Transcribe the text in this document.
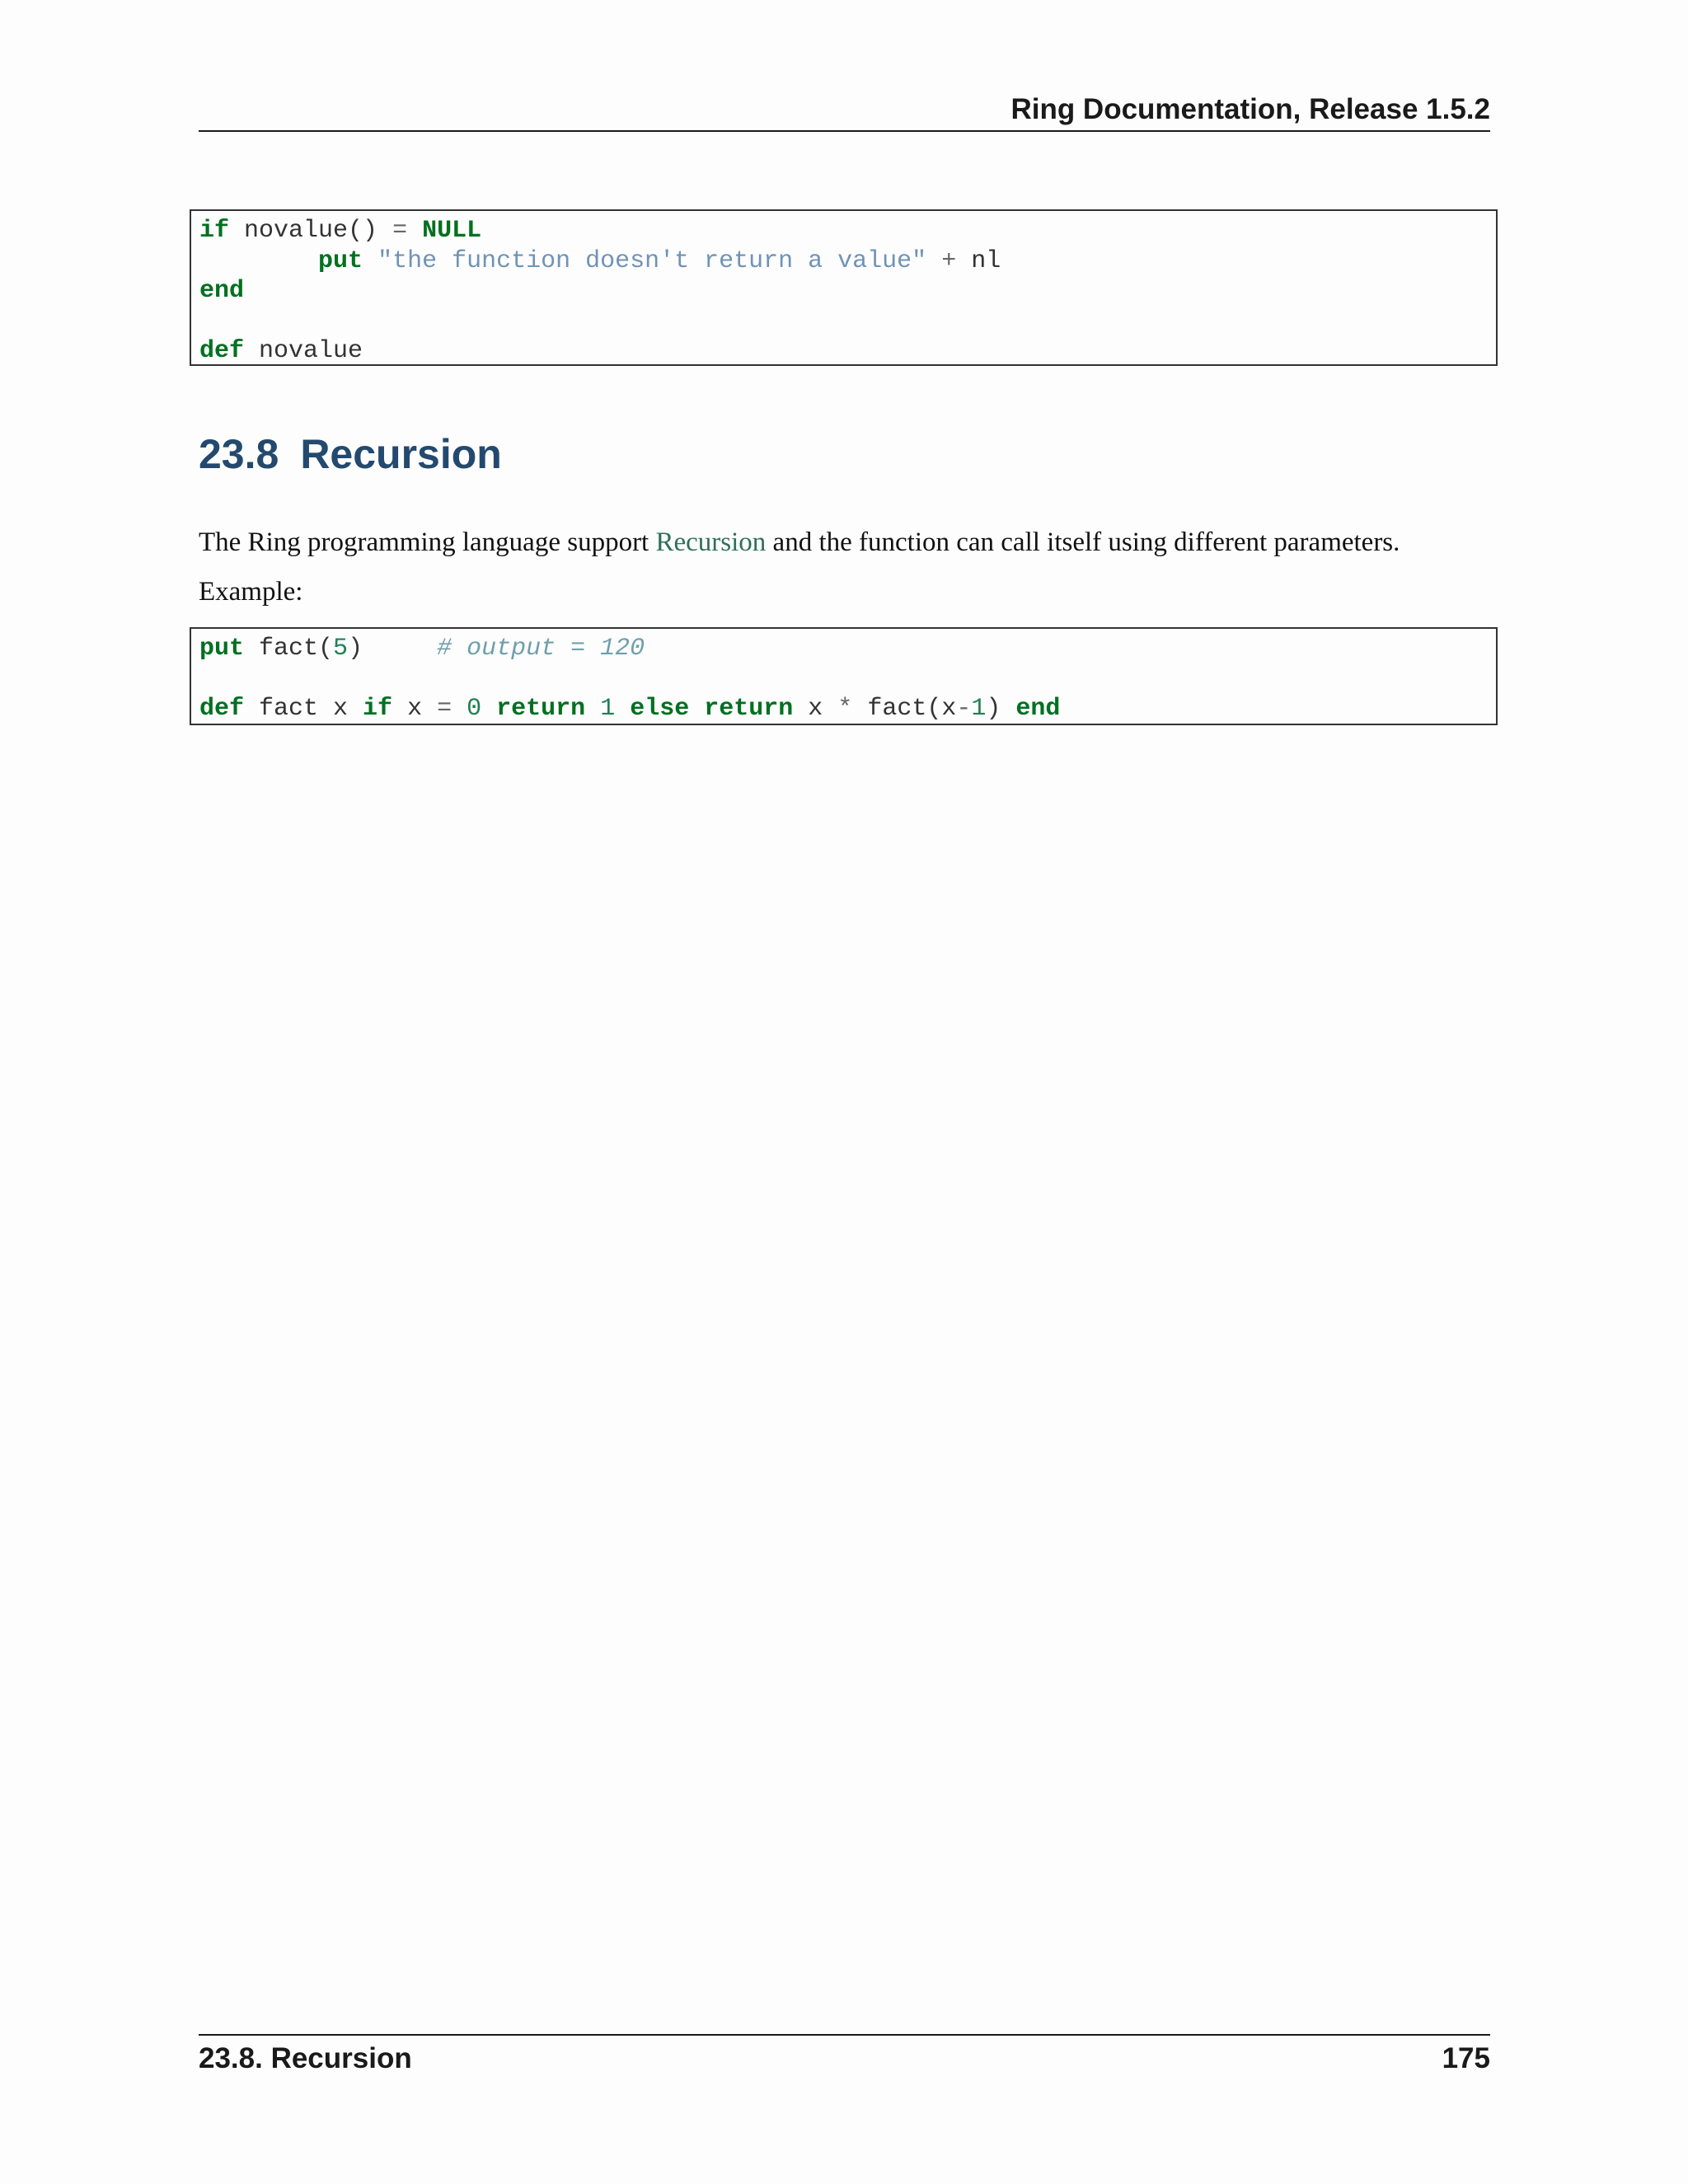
Ring Documentation, Release 1.5.2
if novalue() = NULL
put "the function doesn't return a value" + nl
end
def novalue
23.8 Recursion
The Ring programming language support Recursion and the function can call itself using different parameters.
Example:
put fact(5)     # output = 120
def fact x if x = 0 return 1 else return x * fact(x-1) end
23.8. Recursion	175
